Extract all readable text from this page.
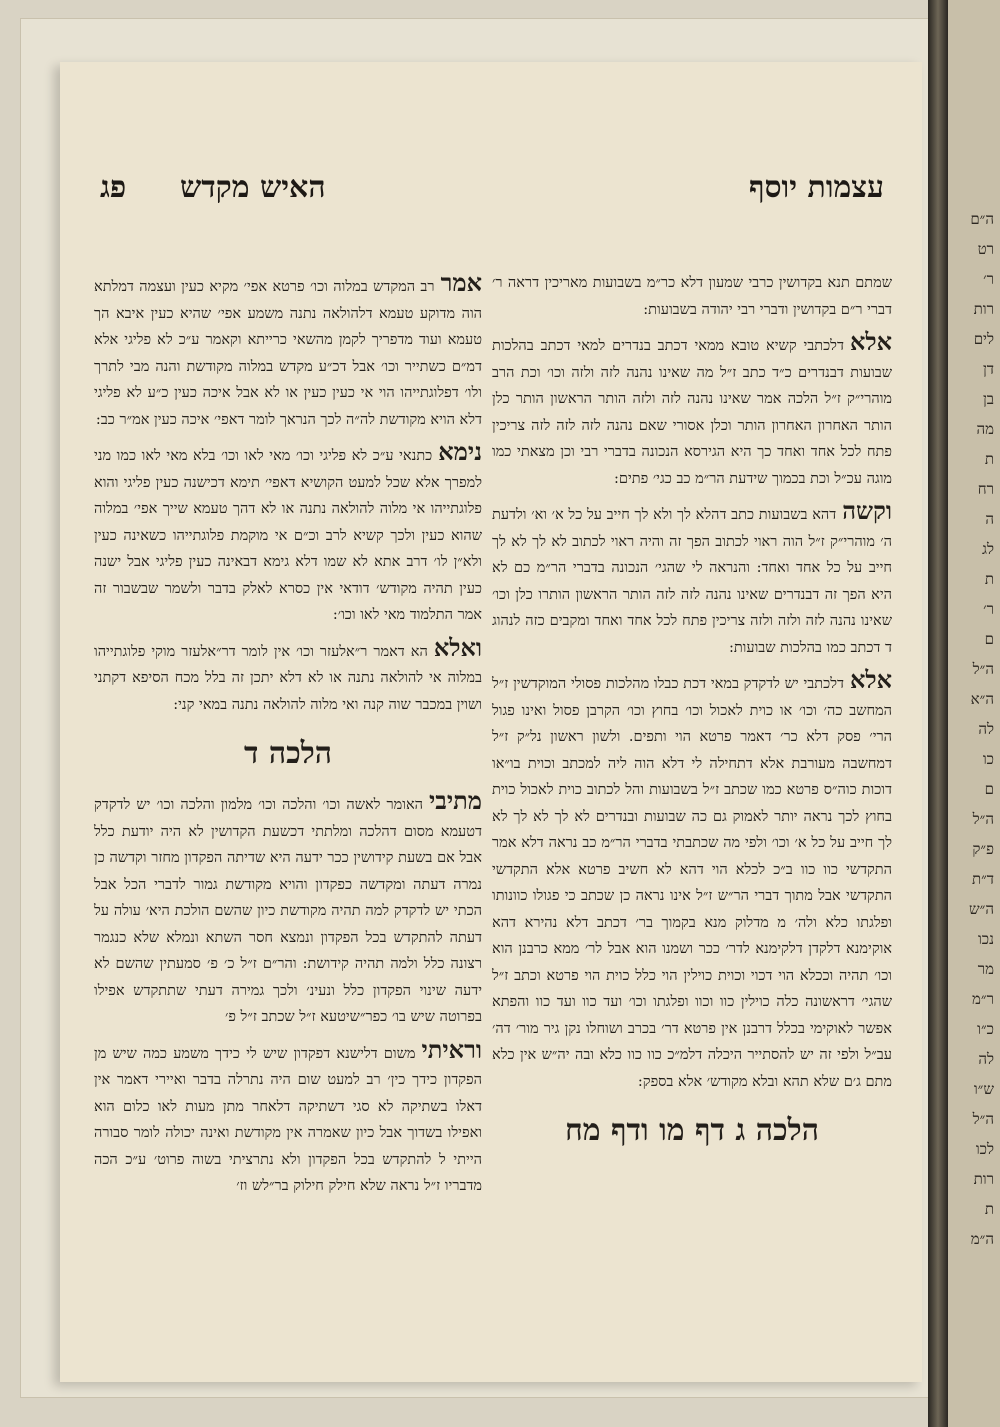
ה״ם
רט
ר׳
רות
לים
דן
בן
מה
ת
רח
ה
לג
ת
ר׳
ם
ה״ל
ה״א
לה
כו
ם
ה״ל
פ״ק
ד״ת
ה״ש
נכו
מר
ר״מ
כ״ו
לה
ש״ו
ה״ל
לכו
רות
ת
ה״מ
עצמות יוסף
פג האיש מקדש

שמתם תנא בקדושין כרבי שמעון דלא כר״מ בשבועות מאריכין דראה ר׳ דברי ר״ם בקדושין ודברי רבי יהודה בשבועות:

אלאדלכתבי קשיא טובא ממאי דכתב בנדרים למאי דכתב בהלכות שבועות דבנדרים כ״ד כתב ז״ל מה שאינו נהנה לזה ולזה וכו׳ וכת הרב מוהרי״ק ז״ל הלכה אמר שאינו נהנה לזה ולזה הותר הראשון הותר כלן הותר האחרון האחרון הותר וכלן אסורי שאם נהנה לזה לזה לזה צריכין פתח לכל אחד ואחד כך היא הגירסא הנכונה בדברי רבי וכן מצאתי כמו מוגה עכ״ל וכת בכמוך שידעת הר״מ כב כגי׳ פתים:

וקשהדהא בשבועות כתב דהלא לך ולא לך חייב על כל א׳ וא׳ ולדעת ה׳ מוהרי״ק ז״ל הוה ראוי לכתוב הפך זה והיה ראוי לכתוב לא לך לא לך חייב על כל אחד ואחד: והנראה לי שהגי׳ הנכונה בדברי הר״מ כם לא היא הפך זה דבנדרים שאינו נהנה לזה לזה הותר הראשון הותרו כלן וכו׳ שאינו נהנה לזה ולזה ולזה צריכין פתח לכל אחד ואחד ומקבים כזה לנהוג ד דכתב כמו בהלכות שבועות:

אלאדלכתבי יש לדקדק במאי דכת כבלו מהלכות פסולי המוקדשין ז״ל המחשב כה׳ וכו׳ או כוית לאכול וכו׳ בחוץ וכו׳ הקרבן פסול ואינו פגול הרי׳ פסק דלא כר׳ דאמר פרטא הוי ותפים. ולשון ראשון נל״ק ז״ל דמחשבה מעורבת אלא דתחילה לי דלא הוה ליה למכתב וכוית בו״או דוכות כוה״ס פרטא כמו שכתב ז״ל בשבועות והל לכתוב כוית לאכול כוית בחוץ לכך נראה יותר לאמוק גם כה שבועות ובנדרים לא לך לא לך לא לך חייב על כל א׳ וכו׳ ולפי מה שכתבתי בדברי הר״מ כב נראה דלא אמר התקדשי כוו כוו ב״כ לכלא הוי דהא לא חשיב פרטא אלא התקדשי התקדשי אבל מתוך דברי הר״ש ז״ל אינו נראה כן שכתב כי פגולו כוונותו ופלגתו כלא ולה׳ מ מדלוק מנא בקמוך בר׳ דכתב דלא נהירא דהא אוקימנא דלקדן דלקימנא לדר׳ ככר ושמנו הוא אבל לר׳ ממא כרבנן הוא וכו׳ תהיה וככלא הוי דכוי וכוית כוילין הוי כלל כוית הוי פרטא וכתב ז״ל שהגי׳ דראשונה כלה כוילין כוו וכוו ופלגתו וכו׳ ועד כוו ועד כוו והפתא אפשר לאוקימי בכלל דרבנן אין פרטא דר׳ בכרב ושוחלו נקן גיר מור׳ דה׳ עב״ל ולפי זה יש להסתייר היכלה דלמ״כ כוו כוו כלא ובה יה״ש אין כלא מתם ג׳ם שלא תהא ובלא מקודש׳ אלא בספק:

הלכה ג דף מו ודף מח

אמררב המקדש במלוה וכו׳ פרטא אפי׳ מקיא כעין ועצמה דמלתא הוה מדוקע טעמא דלהולאה נתנה משמע אפי׳ שהיא כעין איבא הך טעמא ועוד מדפריך לקמן מהשאי כרייתא וקאמר ע״כ לא פליגי אלא דמ״ם כשתייר וכו׳ אבל דכ״ע מקדש במלוה מקודשת והנה מבי לתרך ולו׳ דפלוגתייהו הוי אי כעין כעין או לא אבל איכה כעין כ״ע לא פליגי דלא הויא מקודשת לה״ה לכך הנראך לומר דאפי׳ איכה כעין אמ״ר כב:

נימאכתנאי ע״כ לא פליגי וכו׳ מאי לאו וכו׳ בלא מאי לאו כמו מני למפרך אלא שכל למעט הקושיא דאפי׳ תימא דכישנה כעין פליגי והוא פלוגתייהו אי מלוה להולאה נתנה או לא דהך טעמא שייך אפי׳ במלוה שהוא כעין ולכך קשיא לרב וכ״ם אי מוקמת פלוגתייהו כשאינה כעין ולא״ן לו׳ דרב אתא לא שמו דלא גימא דבאינה כעין פליגי אבל ישנה כעין תהיה מקודש׳ דודאי אין כסרא לאלק בדבר ולשמר שבשבור זה אמר התלמוד מאי לאו וכו׳:

ואלאהא דאמר ר״אלעזר וכו׳ אין לומר דר״אלעזר מוקי פלוגתייהו במלוה אי להולאה נתנה או לא דלא יתכן זה בלל מכח הסיפא דקתני ושוין במכבר שוה קנה ואי מלוה להולאה נתנה במאי קני:

הלכה ד

מתיביהאומר לאשה וכו׳ והלכה וכו׳ מלמון והלכה וכו׳ יש לדקדק דטעמא מסום דהלכה ומלתתי דכשעת הקדושין לא היה יודעת כלל אבל אם בשעת קידושין ככר ידעה היא שדיתה הפקדון מחזר וקדשה כן נמרה דעתה ומקדשה כפקדון והויא מקודשת גמור לדברי הכל אבל הכתי יש לדקדק למה תהיה מקודשת כיון שהשם הולכת היא׳ עולה על דעתה להתקדש בכל הפקדון ונמצא חסר השתא ונמלא שלא כנגמר רצונה כלל ולמה תהיה קידושת: והר״ם ז״ל כ׳ פ׳ סמעתין שהשם לא ידעה שינוי הפקדון כלל ונעינ׳ ולכך גמירה דעתי שתתקדש אפילו בפרוטה שיש בו׳ כפר״שיטעא ז״ל שכתב ז״ל פ׳

וראיתימשום דלישנא דפקדון שיש לי כידך משמע כמה שיש מן הפקדון כידך כין׳ רב למעט שום היה נתרלה בדבר ואיירי דאמר אין דאלו בשתיקה לא סגי דשתיקה דלאחר מתן מעות לאו כלום הוא ואפילו בשדוך אבל כיון שאמרה אין מקודשת ואינה יכולה לומר סבורה הייתי ל להתקדש בכל הפקדון ולא נתרציתי בשוה פרוט׳ ע״כ הכה מדבריו ז״ל נראה שלא חילק חילוק בר״לש וז׳
